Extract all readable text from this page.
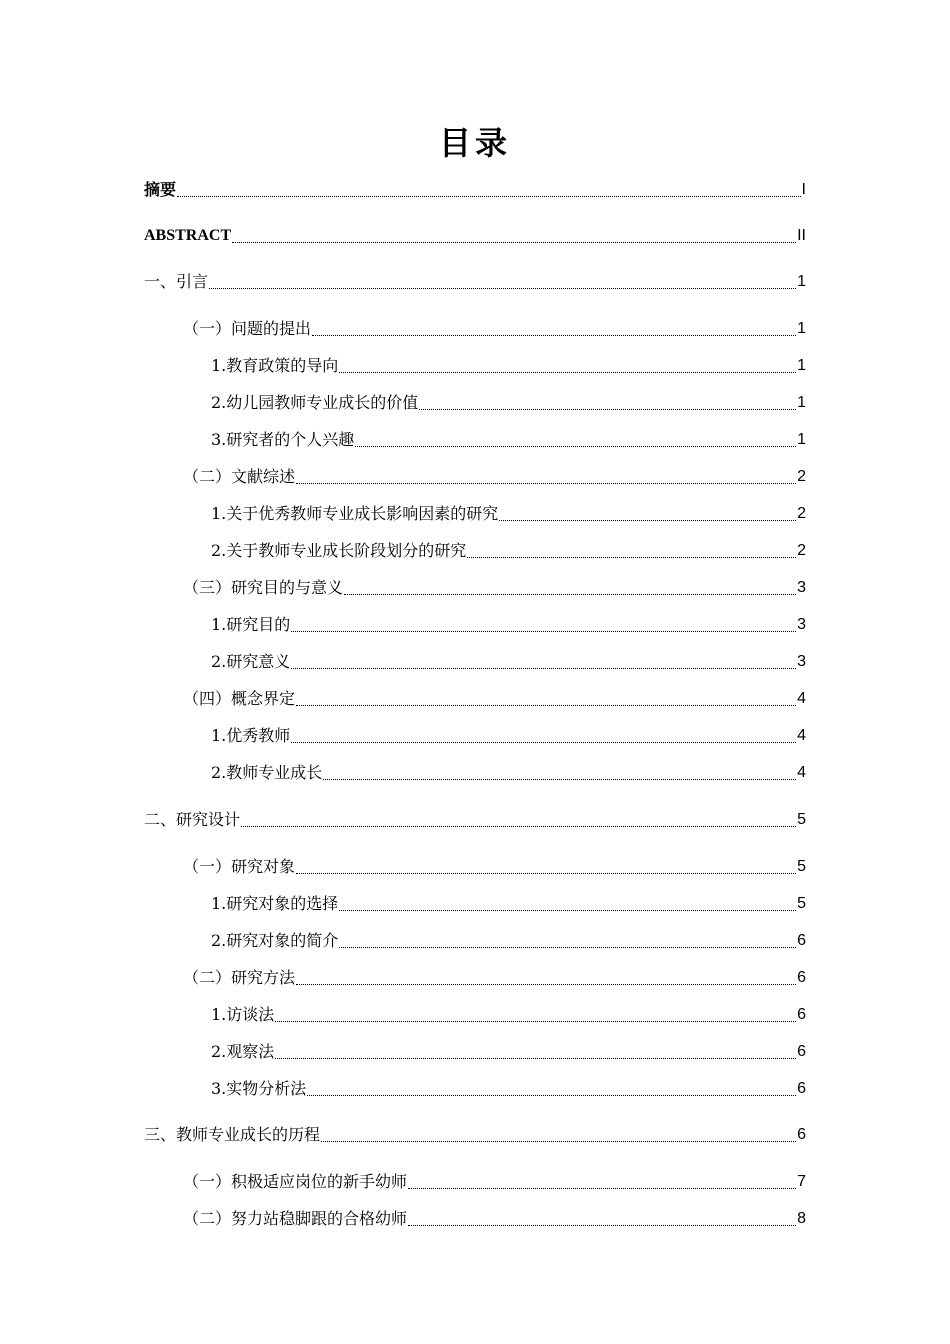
目录
摘要	I
ABSTRACT	II
一、引言	1
（一）问题的提出	1
1.教育政策的导向	1
2.幼儿园教师专业成长的价值	1
3.研究者的个人兴趣	1
（二）文献综述	2
1.关于优秀教师专业成长影响因素的研究	2
2.关于教师专业成长阶段划分的研究	2
（三）研究目的与意义	3
1.研究目的	3
2.研究意义	3
（四）概念界定	4
1.优秀教师	4
2.教师专业成长	4
二、研究设计	5
（一）研究对象	5
1.研究对象的选择	5
2.研究对象的简介	6
（二）研究方法	6
1.访谈法	6
2.观察法	6
3.实物分析法	6
三、教师专业成长的历程	6
（一）积极适应岗位的新手幼师	7
（二）努力站稳脚跟的合格幼师	8
